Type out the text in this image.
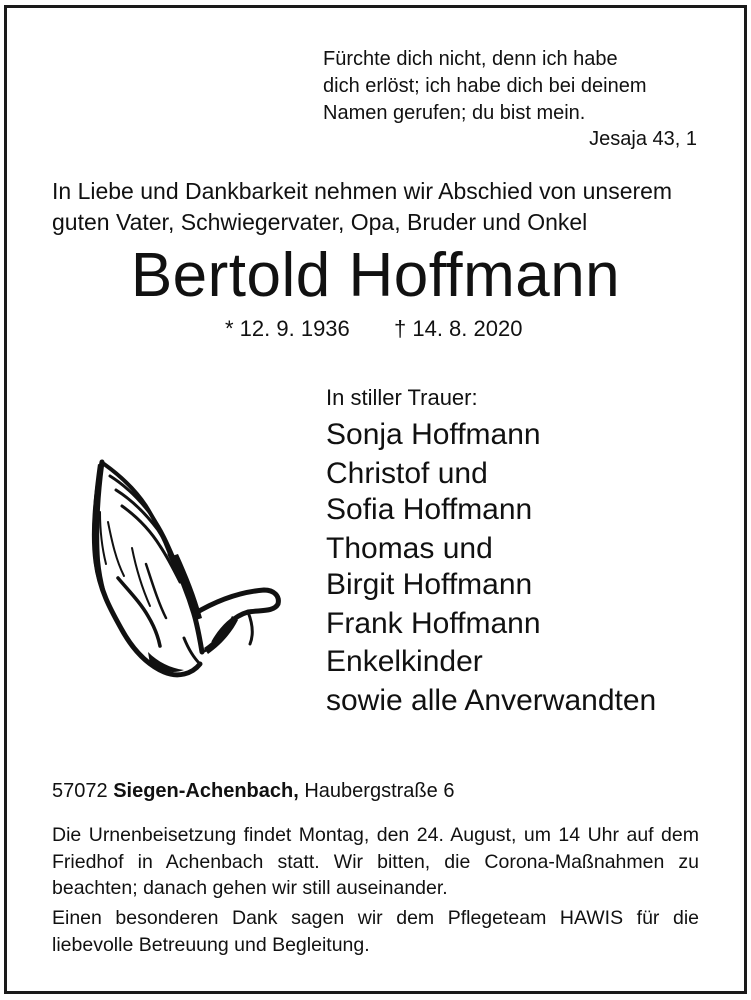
Fürchte dich nicht, denn ich habe
dich erlöst; ich habe dich bei deinem
Namen gerufen; du bist mein.
Jesaja 43, 1
In Liebe und Dankbarkeit nehmen wir Abschied von unserem
guten Vater, Schwiegervater, Opa, Bruder und Onkel
Bertold Hoffmann
* 12. 9. 1936 † 14. 8. 2020
In stiller Trauer:
Sonja Hoffmann
Christof und
Sofia Hoffmann
Thomas und
Birgit Hoffmann
Frank Hoffmann
Enkelkinder
sowie alle Anverwandten
57072 Siegen-Achenbach, Haubergstraße 6
Die Urnenbeisetzung findet Montag, den 24. August, um 14 Uhr auf dem Friedhof in Achenbach statt. Wir bitten, die Corona-Maßnahmen zu beachten; danach gehen wir still auseinander.
Einen besonderen Dank sagen wir dem Pflegeteam HAWIS für die liebevolle Betreuung und Begleitung.
